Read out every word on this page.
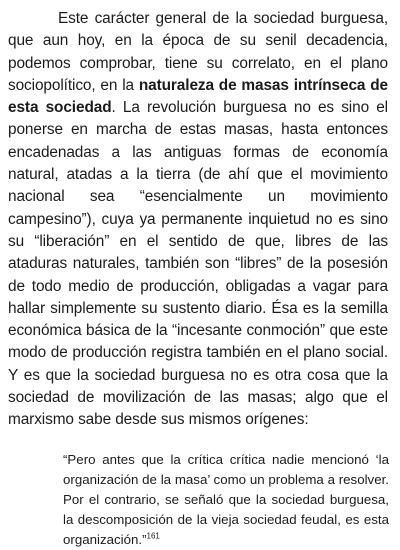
Este carácter general de la sociedad burguesa, que aun hoy, en la época de su senil decadencia, podemos comprobar, tiene su correlato, en el plano sociopolítico, en la naturaleza de masas intrínseca de esta sociedad. La revolución burguesa no es sino el ponerse en marcha de estas masas, hasta entonces encadenadas a las antiguas formas de economía natural, atadas a la tierra (de ahí que el movimiento nacional sea “esencialmente un movimiento campesino”), cuya ya permanente inquietud no es sino su “liberación” en el sentido de que, libres de las ataduras naturales, también son “libres” de la posesión de todo medio de producción, obligadas a vagar para hallar simplemente su sustento diario. Ésa es la semilla económica básica de la “incesante conmoción” que este modo de producción registra también en el plano social. Y es que la sociedad burguesa no es otra cosa que la sociedad de movilización de las masas; algo que el marxismo sabe desde sus mismos orígenes:

“Pero antes que la crítica crítica nadie mencionó ‘la organización de la masa’ como un problema a resolver. Por el contrario, se señaló que la sociedad burguesa, la descomposición de la vieja sociedad feudal, es esta organización.”$^{161}$
